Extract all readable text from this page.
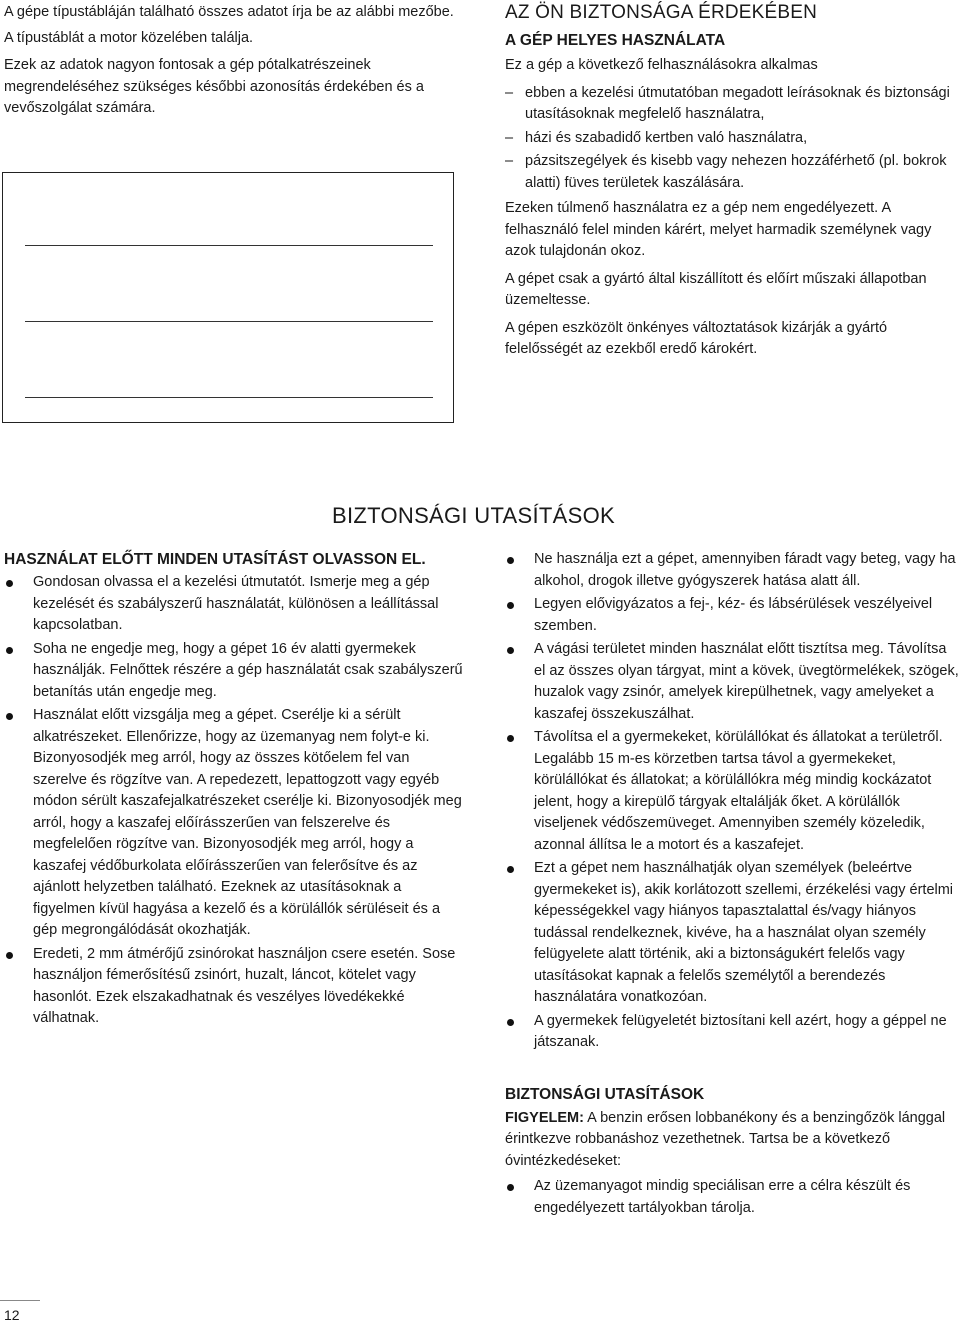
A gépe típustábláján található összes adatot írja be az alábbi mezőbe.

A típustáblát a motor közelében találja.

Ezek az adatok nagyon fontosak a gép pótalkatrészeinek megrendeléséhez szükséges későbbi azonosítás érdekében és a vevőszolgálat számára.

AZ ÖN BIZTONSÁGA ÉRDEKÉBEN
A GÉP HELYES HASZNÁLATA

Ez a gép a következő felhasználásokra alkalmas

– ebben a kezelési útmutatóban megadott leírásoknak és biztonsági utasításoknak megfelelő használatra,
– házi és szabadidő kertben való használatra,
– pázsitszegélyek és kisebb vagy nehezen hozzáférhető (pl. bokrok alatti) füves területek kaszálására.

Ezeken túlmenő használatra ez a gép nem engedélyezett. A felhasználó felel minden kárért, melyet harmadik személynek vagy azok tulajdonán okoz.

A gépet csak a gyártó által kiszállított és előírt műszaki állapotban üzemeltesse.

A gépen eszközölt önkényes változtatások kizárják a gyártó felelősségét az ezekből eredő károkért.

BIZTONSÁGI UTASÍTÁSOK
HASZNÁLAT ELŐTT MINDEN UTASÍTÁST OLVASSON EL.
Gondosan olvassa el a kezelési útmutatót. Ismerje meg a gép kezelését és szabályszerű használatát, különösen a leállítással kapcsolatban.
Soha ne engedje meg, hogy a gépet 16 év alatti gyermekek használják. Felnőttek részére a gép használatát csak szabályszerű betanítás után engedje meg.
Használat előtt vizsgálja meg a gépet. Cserélje ki a sérült alkatrészeket. Ellenőrizze, hogy az üzemanyag nem folyt-e ki. Bizonyosodjék meg arról, hogy az összes kötőelem fel van szerelve és rögzítve van. A repedezett, lepattogzott vagy egyéb módon sérült kaszafejalkatrészeket cserélje ki. Bizonyosodjék meg arról, hogy a kaszafej előírásszerűen van felszerelve és megfelelően rögzítve van. Bizonyosodjék meg arról, hogy a kaszafej védőburkolata előírásszerűen van felerősítve és az ajánlott helyzetben található. Ezeknek az utasításoknak a figyelmen kívül hagyása a kezelő és a körülállók sérüléseit és a gép megrongálódását okozhatják.
Eredeti, 2 mm átmérőjű zsinórokat használjon csere esetén. Sose használjon fémerősítésű zsinórt, huzalt, láncot, kötelet vagy hasonlót. Ezek elszakadhatnak és veszélyes lövedékekké válhatnak.
Ne használja ezt a gépet, amennyiben fáradt vagy beteg, vagy ha alkohol, drogok illetve gyógyszerek hatása alatt áll.
Legyen elővigyázatos a fej-, kéz- és lábsérülések veszélyeivel szemben.
A vágási területet minden használat előtt tisztítsa meg. Távolítsa el az összes olyan tárgyat, mint a kövek, üvegtörmelékek, szögek, huzalok vagy zsinór, amelyek kirepülhetnek, vagy amelyeket a kaszafej összekuszálhat.
Távolítsa el a gyermekeket, körülállókat és állatokat a területről. Legalább 15 m-es körzetben tartsa távol a gyermekeket, körülállókat és állatokat; a körülállókra még mindig kockázatot jelent, hogy a kirepülő tárgyak eltalálják őket. A körülállók viseljenek védőszemüveget. Amennyiben személy közeledik, azonnal állítsa le a motort és a kaszafejet.
Ezt a gépet nem használhatják olyan személyek (beleértve gyermekeket is), akik korlátozott szellemi, érzékelési vagy értelmi képességekkel vagy hiányos tapasztalattal és/vagy hiányos tudással rendelkeznek, kivéve, ha a használat olyan személy felügyelete alatt történik, aki a biztonságukért felelős vagy utasításokat kapnak a felelős személytől a berendezés használatára vonatkozóan.
A gyermekek felügyeletét biztosítani kell azért, hogy a géppel ne játszanak.
BIZTONSÁGI UTASÍTÁSOK

FIGYELEM: A benzin erősen lobbanékony és a benzingőzök lánggal érintkezve robbanáshoz vezethetnek. Tartsa be a következő óvintézkedéseket:

Az üzemanyagot mindig speciálisan erre a célra készült és engedélyezett tartályokban tárolja.
12
